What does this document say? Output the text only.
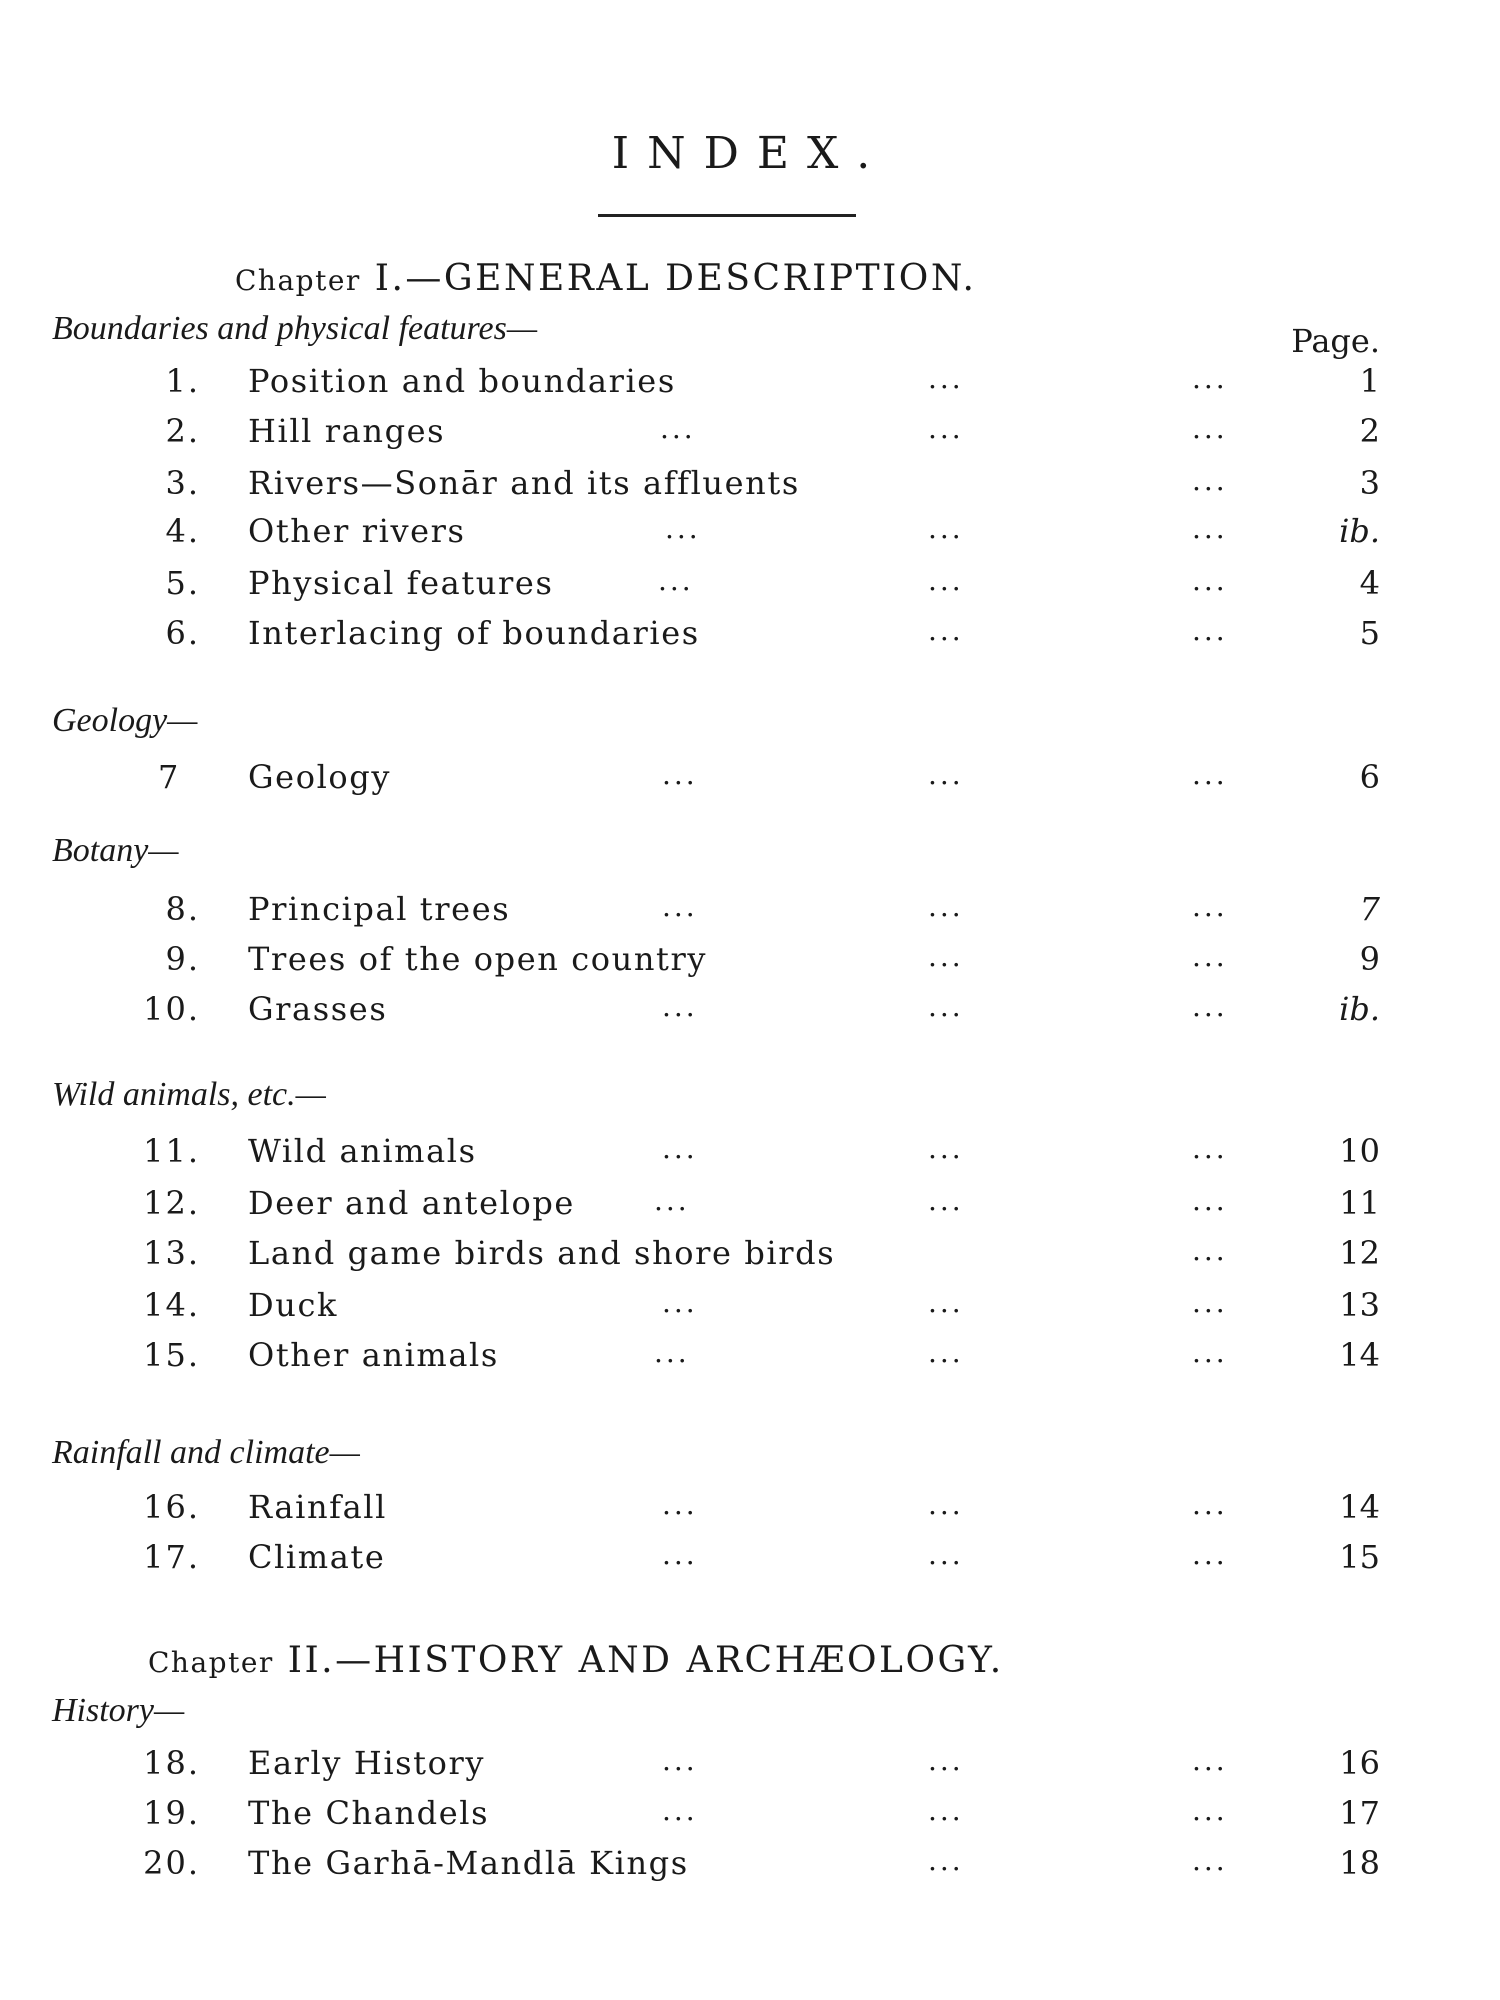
INDEX.
Chapter I.—GENERAL DESCRIPTION.
Boundaries and physical features—	Page.
1. Position and boundaries	...	...	1
2. Hill ranges	...	...	...	2
3. Rivers—Sonār and its affluents	...	3
4. Other rivers	...	...	...	ib.
5. Physical features	...	...	...	4
6. Interlacing of boundaries	...	...	5
Geology—
7	Geology	...	...	...	6
Botany—
8. Principal trees	...	...	...	7
9. Trees of the open country	...	...	9
10. Grasses	...	...	...	ib.
Wild animals, etc.—
11. Wild animals	...	...	...	10
12. Deer and antelope	...	...	...	11
13. Land game birds and shore birds	...	12
14. Duck	...	...	...	13
15. Other animals	...	...	...	14
Rainfall and climate—
16. Rainfall	...	...	...	14
17. Climate	...	...	...	15
Chapter II.—HISTORY AND ARCHÆOLOGY.
History—
18. Early History	...	...	...	16
19. The Chandels	...	...	...	17
20. The Garhā-Mandlā Kings	...	...	18
